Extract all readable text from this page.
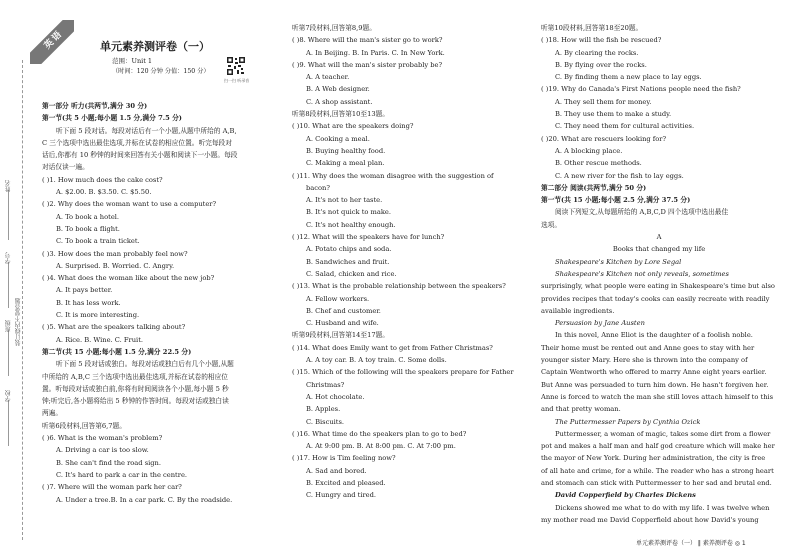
姓名
学号
装订线内不要答题
班级
学校
英语	单元素养测评卷（一）
范围：Unit 1
（时间：120 分钟 分值：150 分）
扫一扫 听录音
第一部分 听力(共两节,满分 30 分)
第一节(共 5 小题;每小题 1.5 分,满分 7.5 分)
听下面 5 段对话。每段对话后有一个小题,从题中所给的 A,B,
C 三个选项中选出最佳选项,并标在试卷的相应位置。听完每段对
话后,你都有 10 秒钟的时间来回答有关小题和阅读下一小题。每段
对话仅读一遍。
( )1. How much does the cake cost?
A. $2.00. B. $3.50. C. $5.50.
( )2. Why does the woman want to use a computer?
A. To book a hotel.
B. To book a flight.
C. To book a train ticket.
( )3. How does the man probably feel now?
A. Surprised. B. Worried. C. Angry.
( )4. What does the woman like about the new job?
A. It pays better.
B. It has less work.
C. It is more interesting.
( )5. What are the speakers talking about?
A. Rice. B. Wine. C. Fruit.
第二节(共 15 小题;每小题 1.5 分,满分 22.5 分)
听下面 5 段对话或独白。每段对话或独白后有几个小题,从题
中所给的 A,B,C 三个选项中选出最佳选项,并标在试卷的相应位
置。听每段对话或独白前,你将有时间阅读各个小题,每小题 5 秒
钟;听完后,各小题将给出 5 秒钟的作答时间。每段对话或独白读
两遍。
听第6段材料,回答第6,7题。
( )6. What is the woman's problem?
A. Driving a car is too slow.
B. She can't find the road sign.
C. It's hard to park a car in the centre.
( )7. Where will the woman park her car?
A. Under a tree.B. In a car park. C. By the roadside.
听第7段材料,回答第8,9题。
( )8. Where will the man's sister go to work?
A. In Beijing. B. In Paris. C. In New York.
( )9. What will the man's sister probably be?
A. A teacher.
B. A Web designer.
C. A shop assistant.
听第8段材料,回答第10至13题。
( )10. What are the speakers doing?
A. Cooking a meal.
B. Buying healthy food.
C. Making a meal plan.
( )11. Why does the woman disagree with the suggestion of
bacon?
A. It's not to her taste.
B. It's not quick to make.
C. It's not healthy enough.
( )12. What will the speakers have for lunch?
A. Potato chips and soda.
B. Sandwiches and fruit.
C. Salad, chicken and rice.
( )13. What is the probable relationship between the speakers?
A. Fellow workers.
B. Chef and customer.
C. Husband and wife.
听第9段材料,回答第14至17题。
( )14. What does Emily want to get from Father Christmas?
A. A toy car. B. A toy train. C. Some dolls.
( )15. Which of the following will the speakers prepare for Father
Christmas?
A. Hot chocolate.
B. Apples.
C. Biscuits.
( )16. What time do the speakers plan to go to bed?
A. At 9:00 pm. B. At 8:00 pm. C. At 7:00 pm.
( )17. How is Tim feeling now?
A. Sad and bored.
B. Excited and pleased.
C. Hungry and tired.
听第10段材料,回答第18至20题。
( )18. How will the fish be rescued?
A. By clearing the rocks.
B. By flying over the rocks.
C. By finding them a new place to lay eggs.
( )19. Why do Canada's First Nations people need the fish?
A. They sell them for money.
B. They use them to make a study.
C. They need them for cultural activities.
( )20. What are rescuers looking for?
A. A blocking place.
B. Other rescue methods.
C. A new river for the fish to lay eggs.
第二部分 阅读(共两节,满分 50 分)
第一节(共 15 小题;每小题 2.5 分,满分 37.5 分)
阅读下列短文,从每题所给的 A,B,C,D 四个选项中选出最佳
选项。
A
Books that changed my life
Shakespeare's Kitchen by Lore Segal
Shakespeare's Kitchen not only reveals, sometimes
surprisingly, what people were eating in Shakespeare's time but also
provides recipes that today's cooks can easily recreate with readily
available ingredients.
Persuasion by Jane Austen
In this novel, Anne Eliot is the daughter of a foolish noble.
Their home must be rented out and Anne goes to stay with her
younger sister Mary. Here she is thrown into the company of
Captain Wentworth who offered to marry Anne eight years earlier.
But Anne was persuaded to turn him down. He hasn't forgiven her.
Anne is forced to watch the man she still loves attach himself to this
and that pretty woman.
The Puttermesser Papers by Cynthia Ozick
Puttermesser, a woman of magic, takes some dirt from a flower
pot and makes a half man and half god creature which will make her
the mayor of New York. During her administration, the city is free
of all hate and crime, for a while. The reader who has a strong heart
and stomach can stick with Puttermesser to her sad and brutal end.
David Copperfield by Charles Dickens
Dickens showed me what to do with my life. I was twelve when
my mother read me David Copperfield about how David's young
单元素养测评卷（一） ‖ 素养测评卷 ◎ 1
